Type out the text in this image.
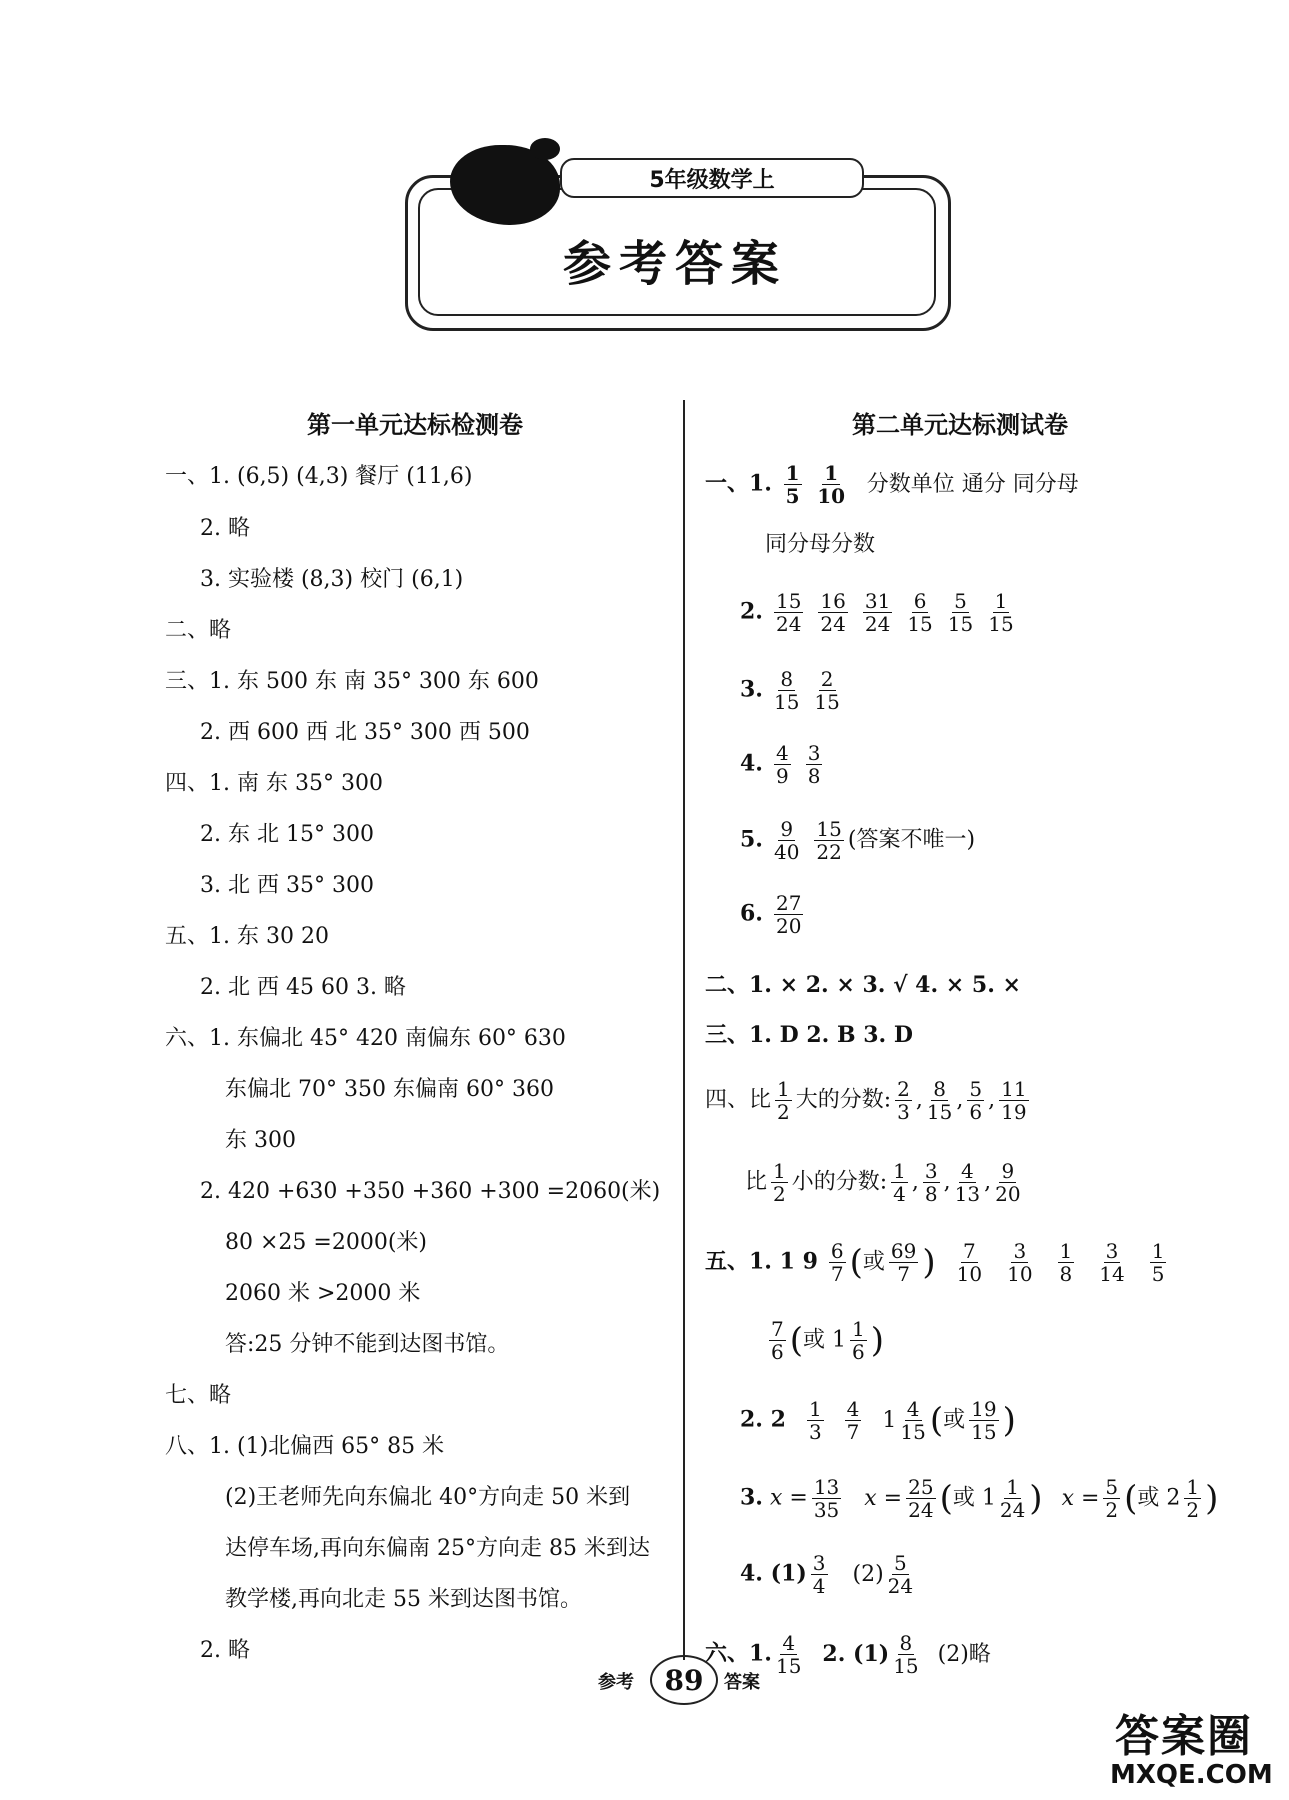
5年级数学上
参考答案
第一单元达标检测卷
一、1. (6,5) (4,3) 餐厅 (11,6)
2. 略
3. 实验楼 (8,3) 校门 (6,1)
二、略
三、1. 东 500 东 南 35° 300 东 600
2. 西 600 西 北 35° 300 西 500
四、1. 南 东 35° 300
2. 东 北 15° 300
3. 北 西 35° 300
五、1. 东 30 20
2. 北 西 45 60 3. 略
六、1. 东偏北 45° 420 南偏东 60° 630
东偏北 70° 350 东偏南 60° 360
东 300
2. 420 +630 +350 +360 +300 =2060(米)
80 ×25 =2000(米)
2060 米 >2000 米
答:25 分钟不能到达图书馆。
七、略
八、1. (1)北偏西 65° 85 米
(2)王老师先向东偏北 40°方向走 50 米到
达停车场,再向东偏南 25°方向走 85 米到达
教学楼,再向北走 55 米到达图书馆。
2. 略
第二单元达标测试卷
一、1. $\frac{1}{5}$
$\frac{1}{10}$ 分数单位 通分 同分母
同分母分数
2. $\frac{15}{24}$
$\frac{16}{24}$
$\frac{31}{24}$
$\frac{6}{15}$
$\frac{5}{15}$
$\frac{1}{15}$
3. $\frac{8}{15}$
$\frac{2}{15}$
4. $\frac{4}{9}$
$\frac{3}{8}$
5. $\frac{9}{40}$
$\frac{15}{22}$ (答案不唯一)
6. $\frac{27}{20}$
二、1. × 2. × 3. √ 4. × 5. ×
三、1. D 2. B 3. D
四、比 $\frac{1}{2}$ 大的分数: $\frac{2}{3}$ , $\frac{8}{15}$ , $\frac{5}{6}$ , $\frac{11}{19}$
比 $\frac{1}{2}$ 小的分数: $\frac{1}{4}$ , $\frac{3}{8}$ , $\frac{4}{13}$ , $\frac{9}{20}$
五、1. 1 $9 \frac{6}{7}$ (或 $\frac{69}{7}$ ) $\frac{7}{10}$
$\frac{3}{10}$
$\frac{1}{8}$
$\frac{3}{14}$
$\frac{1}{5}$
$\frac{7}{6}$ (或 $1 \frac{1}{6}$ )
2. $2 \frac{1}{3}$
$\frac{4}{7} 1 \frac{4}{15}$ (或 $\frac{19}{15}$ )
3. $x = \frac{13}{35}$ $x = \frac{25}{24}$ (或 $1 \frac{1}{24}$ ) $x = \frac{5}{2}$ (或 $2 \frac{1}{2}$ )
4. $(1) \frac{3}{4} (2) \frac{5}{24}$
六、1. $\frac{4}{15} 2$. $(1) \frac{8}{15} (2)$略
参考	89	答案
答案圈
MXQE.COM
